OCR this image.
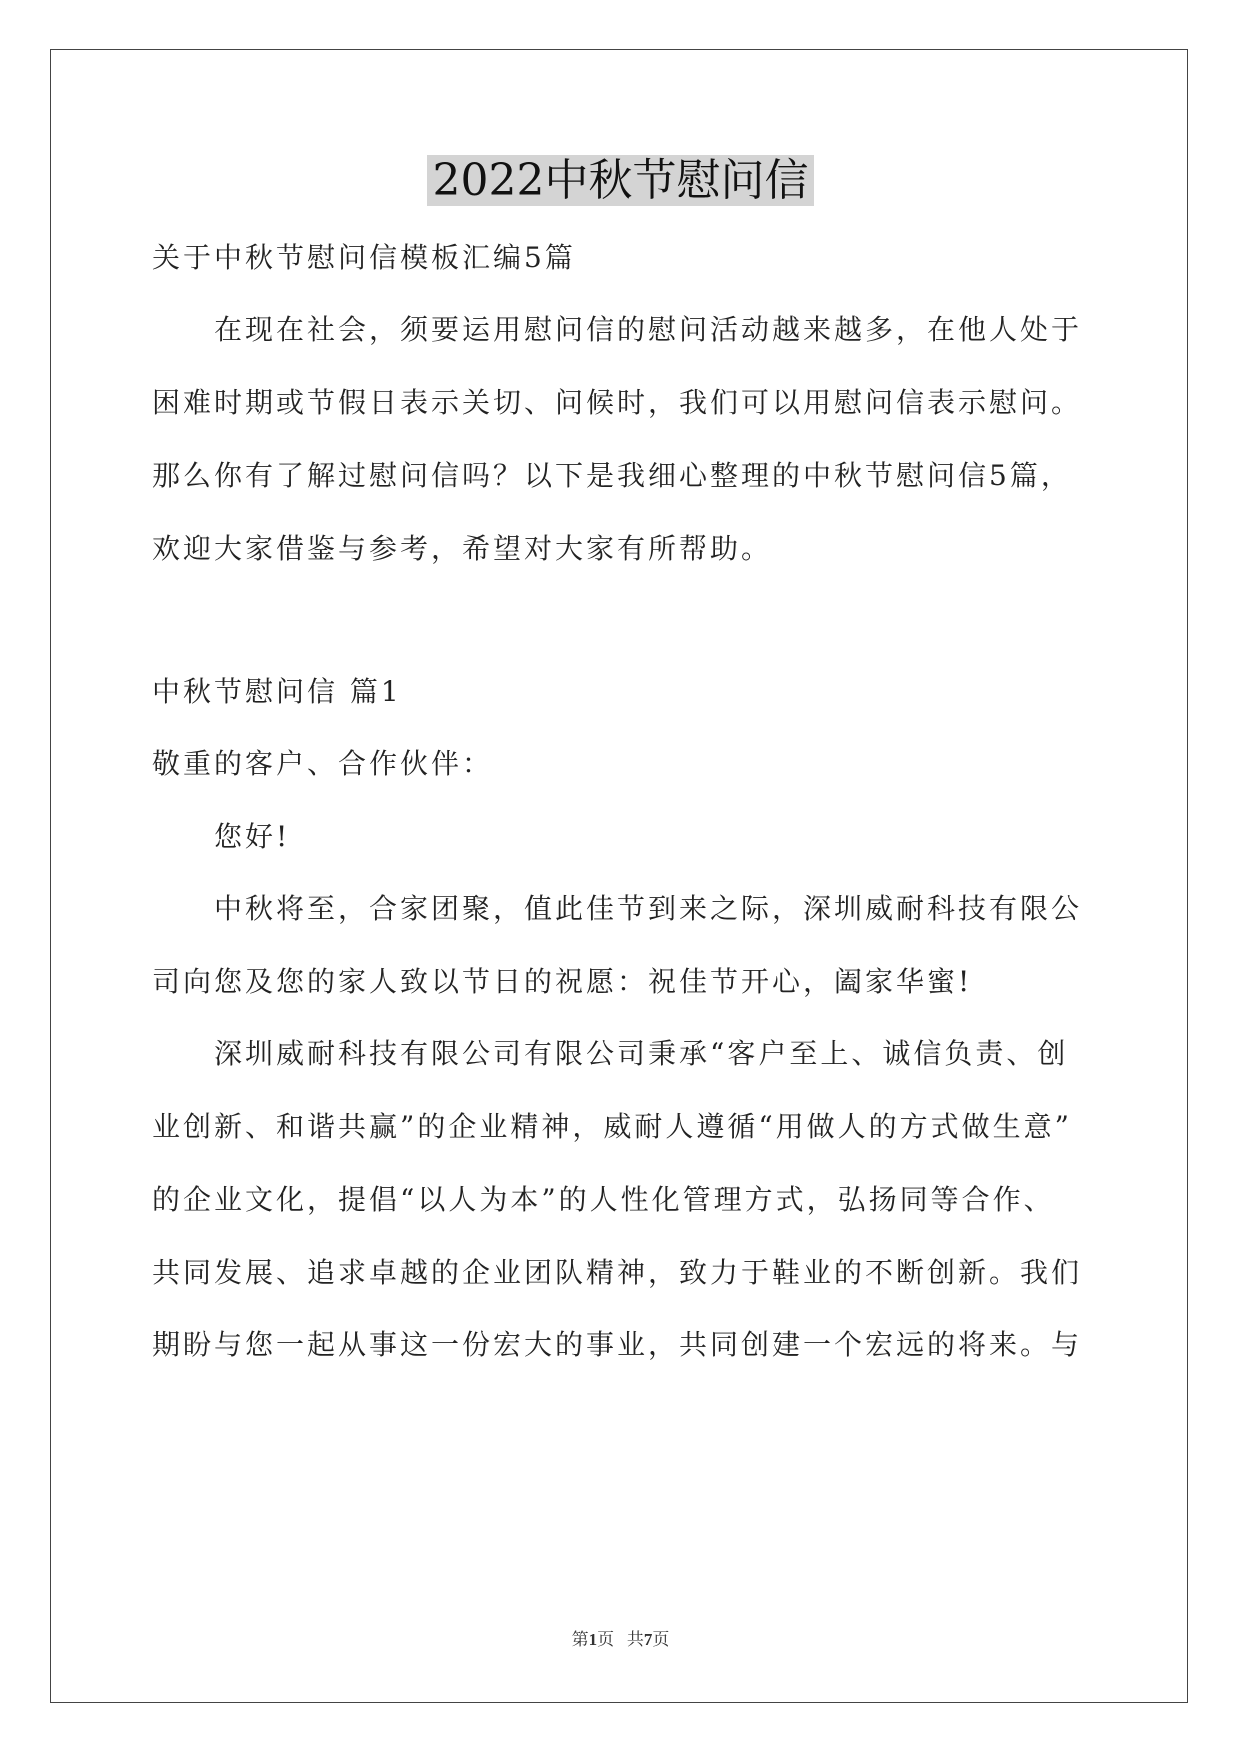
2022中秋节慰问信
关于中秋节慰问信模板汇编5篇
在现在社会，须要运用慰问信的慰问活动越来越多，在他人处于
困难时期或节假日表示关切、问候时，我们可以用慰问信表示慰问。
那么你有了解过慰问信吗？以下是我细心整理的中秋节慰问信5篇，
欢迎大家借鉴与参考，希望对大家有所帮助。
中秋节慰问信 篇1
敬重的客户、合作伙伴：
您好!
中秋将至，合家团聚，值此佳节到来之际，深圳威耐科技有限公
司向您及您的家人致以节日的祝愿：祝佳节开心，阖家华蜜!
深圳威耐科技有限公司有限公司秉承“客户至上、诚信负责、创
业创新、和谐共赢”的企业精神，威耐人遵循“用做人的方式做生意”
的企业文化，提倡“以人为本”的人性化管理方式，弘扬同等合作、
共同发展、追求卓越的企业团队精神，致力于鞋业的不断创新。我们
期盼与您一起从事这一份宏大的事业，共同创建一个宏远的将来。与
第1页 共7页
